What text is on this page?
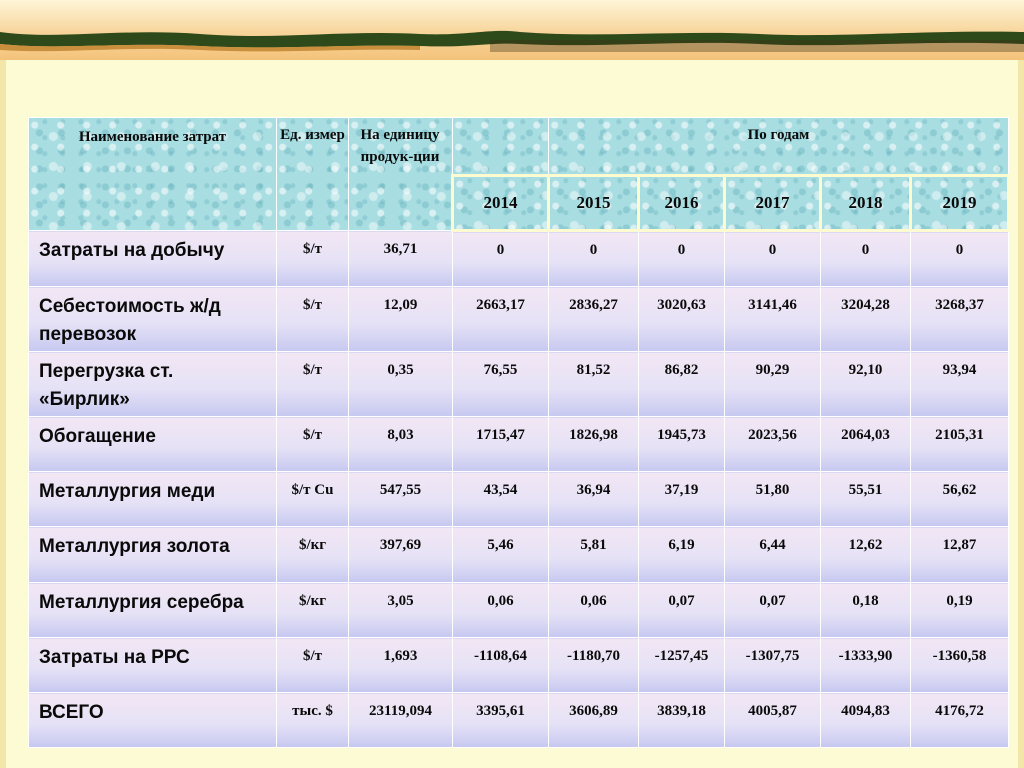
Наименование затрат	Ед. измер	На единицу продук-ции		По годам				
			2014	2015	2016	2017	2018	2019
Затраты на добычу	$/т	36,71	0	0	0	0	0	0
Себестоимость ж/д перевозок	$/т	12,09	2663,17	2836,27	3020,63	3141,46	3204,28	3268,37
Перегрузка ст. «Бирлик»	$/т	0,35	76,55	81,52	86,82	90,29	92,10	93,94
Обогащение	$/т	8,03	1715,47	1826,98	1945,73	2023,56	2064,03	2105,31
Металлургия меди	$/т Cu	547,55	43,54	36,94	37,19	51,80	55,51	56,62
Металлургия золота	$/кг	397,69	5,46	5,81	6,19	6,44	12,62	12,87
Металлургия серебра	$/кг	3,05	0,06	0,06	0,07	0,07	0,18	0,19
Затраты на РРС	$/т	1,693	-1108,64	-1180,70	-1257,45	-1307,75	-1333,90	-1360,58
ВСЕГО	тыс. $	23119,094	3395,61	3606,89	3839,18	4005,87	4094,83	4176,72
